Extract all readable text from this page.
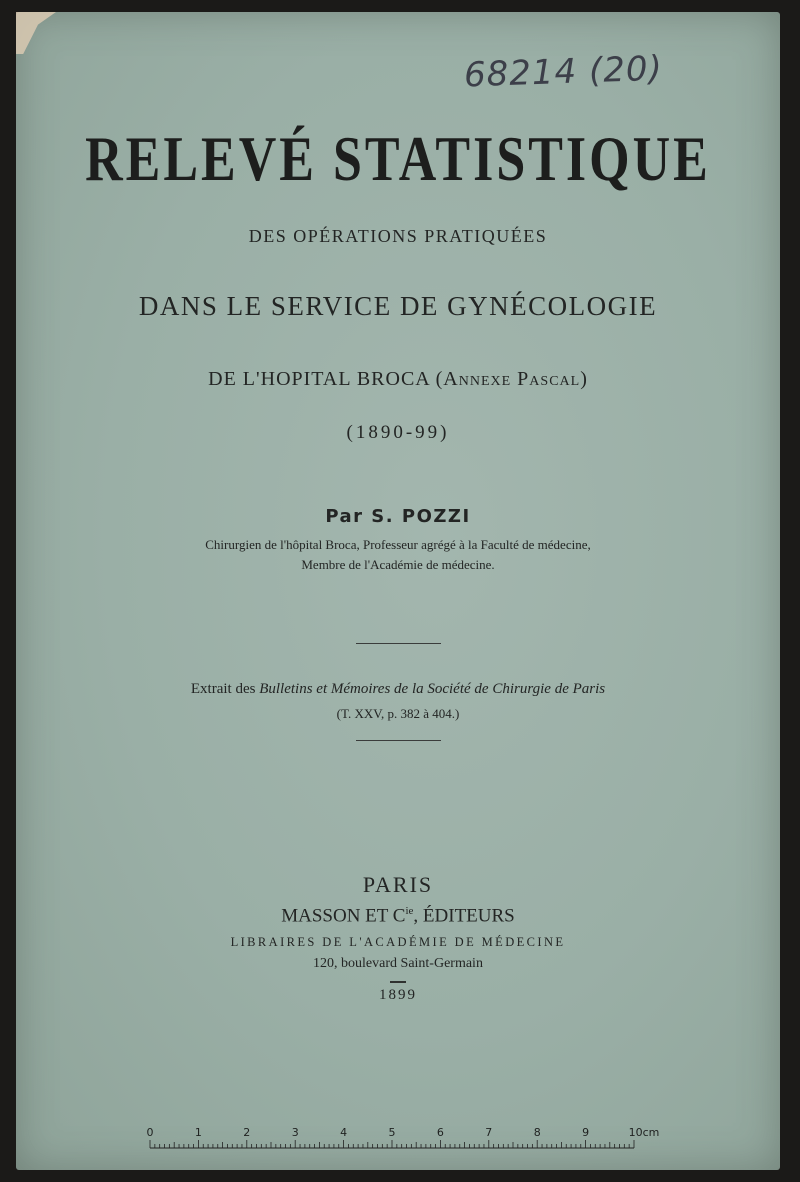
68214 (20)
RELEVÉ STATISTIQUE
DES OPÉRATIONS PRATIQUÉES
DANS LE SERVICE DE GYNÉCOLOGIE
DE L'HOPITAL BROCA (Annexe Pascal)
(1890-99)
Par S. POZZI
Chirurgien de l'hôpital Broca, Professeur agrégé à la Faculté de médecine,
Membre de l'Académie de médecine.
Extrait des Bulletins et Mémoires de la Société de Chirurgie de Paris
(T. XXV, p. 382 à 404.)
PARIS
MASSON ET $C^{ie}$, ÉDITEURS
LIBRAIRES DE L'ACADÉMIE DE MÉDECINE
120, boulevard Saint-Germain
1899
0	1	2	3	4	5	6	7	8	9	10cm
